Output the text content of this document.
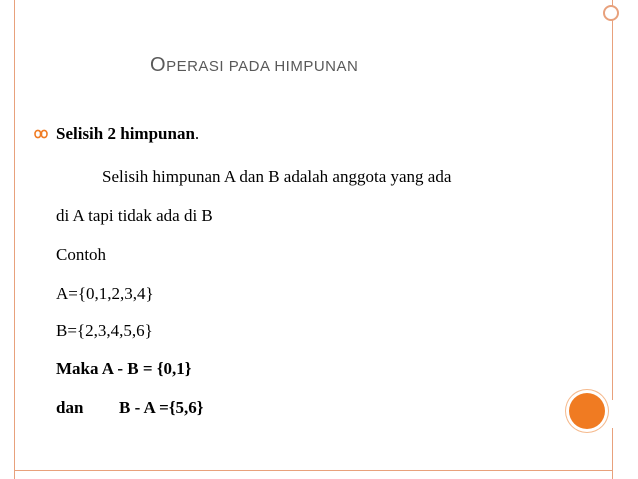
OPERASI PADA HIMPUNAN
Selisih 2 himpunan.
Selisih himpunan A dan B adalah anggota yang ada
di A tapi tidak ada di B
Contoh
A={0,1,2,3,4}
B={2,3,4,5,6}
Maka A - B = {0,1}
dan B - A ={5,6}
